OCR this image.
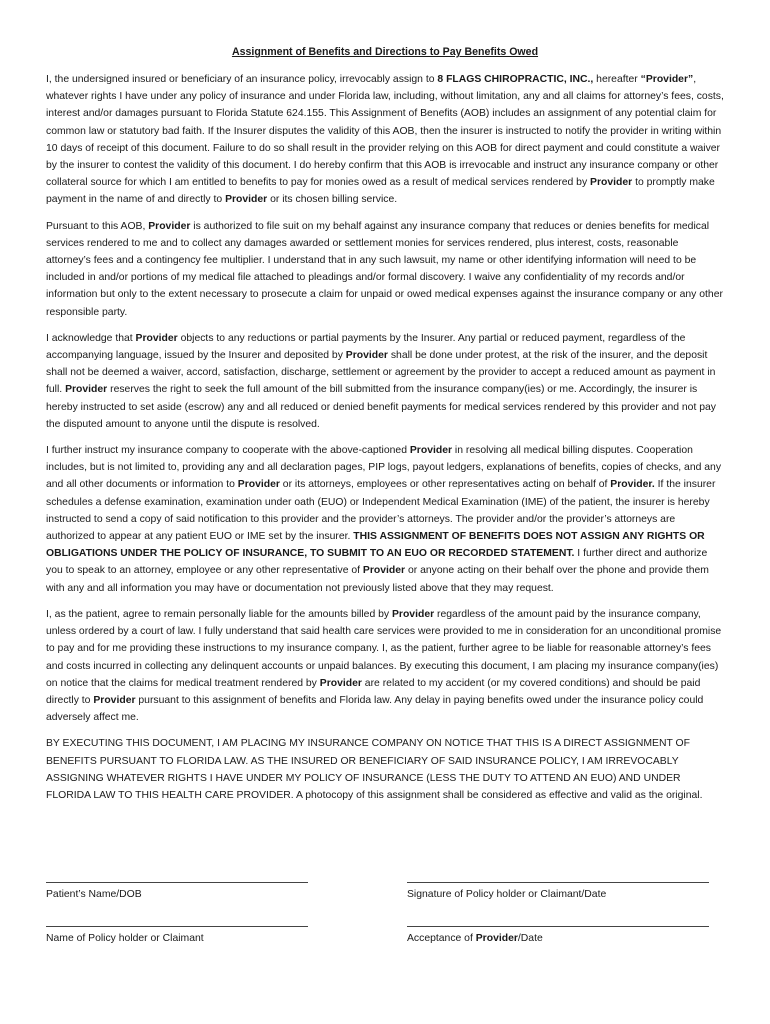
Assignment of Benefits and Directions to Pay Benefits Owed

I, the undersigned insured or beneficiary of an insurance policy, irrevocably assign to 8 FLAGS CHIROPRACTIC, INC., hereafter “Provider”, whatever rights I have under any policy of insurance and under Florida law, including, without limitation, any and all claims for attorney’s fees, costs, interest and/or damages pursuant to Florida Statute 624.155. This Assignment of Benefits (AOB) includes an assignment of any potential claim for common law or statutory bad faith. If the Insurer disputes the validity of this AOB, then the insurer is instructed to notify the provider in writing within 10 days of receipt of this document. Failure to do so shall result in the provider relying on this AOB for direct payment and could constitute a waiver by the insurer to contest the validity of this document. I do hereby confirm that this AOB is irrevocable and instruct any insurance company or other collateral source for which I am entitled to benefits to pay for monies owed as a result of medical services rendered by Provider to promptly make payment in the name of and directly to Provider or its chosen billing service.

Pursuant to this AOB, Provider is authorized to file suit on my behalf against any insurance company that reduces or denies benefits for medical services rendered to me and to collect any damages awarded or settlement monies for services rendered, plus interest, costs, reasonable attorney’s fees and a contingency fee multiplier. I understand that in any such lawsuit, my name or other identifying information will need to be included in and/or portions of my medical file attached to pleadings and/or formal discovery. I waive any confidentiality of my records and/or information but only to the extent necessary to prosecute a claim for unpaid or owed medical expenses against the insurance company or any other responsible party.

I acknowledge that Provider objects to any reductions or partial payments by the Insurer. Any partial or reduced payment, regardless of the accompanying language, issued by the Insurer and deposited by Provider shall be done under protest, at the risk of the insurer, and the deposit shall not be deemed a waiver, accord, satisfaction, discharge, settlement or agreement by the provider to accept a reduced amount as payment in full. Provider reserves the right to seek the full amount of the bill submitted from the insurance company(ies) or me. Accordingly, the insurer is hereby instructed to set aside (escrow) any and all reduced or denied benefit payments for medical services rendered by this provider and not pay the disputed amount to anyone until the dispute is resolved.

I further instruct my insurance company to cooperate with the above-captioned Provider in resolving all medical billing disputes. Cooperation includes, but is not limited to, providing any and all declaration pages, PIP logs, payout ledgers, explanations of benefits, copies of checks, and any and all other documents or information to Provider or its attorneys, employees or other representatives acting on behalf of Provider. If the insurer schedules a defense examination, examination under oath (EUO) or Independent Medical Examination (IME) of the patient, the insurer is hereby instructed to send a copy of said notification to this provider and the provider’s attorneys. The provider and/or the provider’s attorneys are authorized to appear at any patient EUO or IME set by the insurer. THIS ASSIGNMENT OF BENEFITS DOES NOT ASSIGN ANY RIGHTS OR OBLIGATIONS UNDER THE POLICY OF INSURANCE, TO SUBMIT TO AN EUO OR RECORDED STATEMENT. I further direct and authorize you to speak to an attorney, employee or any other representative of Provider or anyone acting on their behalf over the phone and provide them with any and all information you may have or documentation not previously listed above that they may request.

I, as the patient, agree to remain personally liable for the amounts billed by Provider regardless of the amount paid by the insurance company, unless ordered by a court of law. I fully understand that said health care services were provided to me in consideration for an unconditional promise to pay and for me providing these instructions to my insurance company. I, as the patient, further agree to be liable for reasonable attorney’s fees and costs incurred in collecting any delinquent accounts or unpaid balances. By executing this document, I am placing my insurance company(ies) on notice that the claims for medical treatment rendered by Provider are related to my accident (or my covered conditions) and should be paid directly to Provider pursuant to this assignment of benefits and Florida law. Any delay in paying benefits owed under the insurance policy could adversely affect me.

BY EXECUTING THIS DOCUMENT, I AM PLACING MY INSURANCE COMPANY ON NOTICE THAT THIS IS A DIRECT ASSIGNMENT OF BENEFITS PURSUANT TO FLORIDA LAW. AS THE INSURED OR BENEFICIARY OF SAID INSURANCE POLICY, I AM IRREVOCABLY ASSIGNING WHATEVER RIGHTS I HAVE UNDER MY POLICY OF INSURANCE (LESS THE DUTY TO ATTEND AN EUO) AND UNDER FLORIDA LAW TO THIS HEALTH CARE PROVIDER. A photocopy of this assignment shall be considered as effective and valid as the original.

Patient’s Name/DOB	Signature of Policy holder or Claimant/Date
Name of Policy holder or Claimant	Acceptance of Provider/Date
